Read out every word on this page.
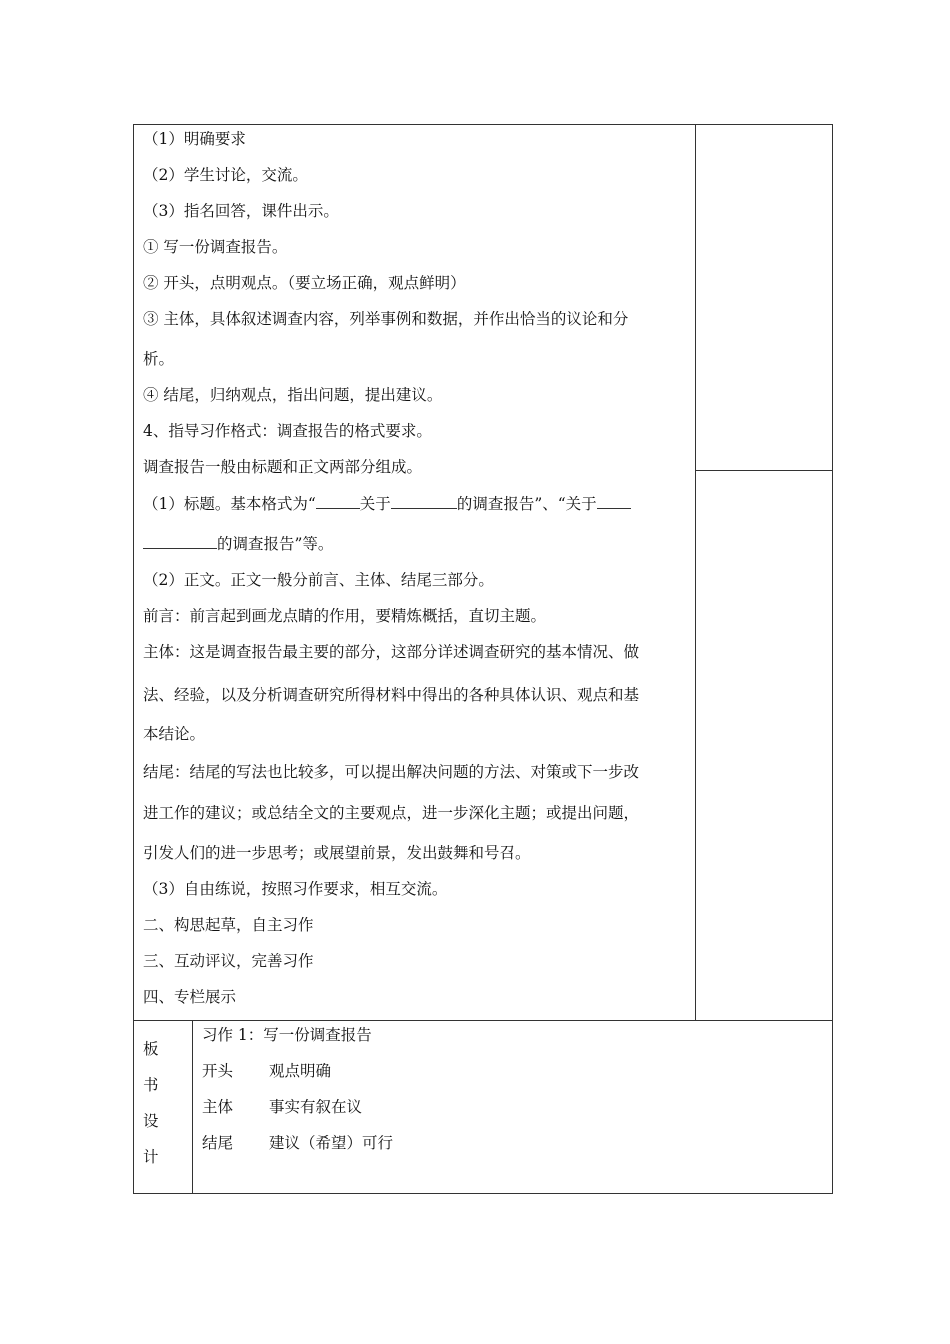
（1）明确要求
（2）学生讨论，交流。
（3）指名回答，课件出示。
① 写一份调查报告。
② 开头，点明观点。（要立场正确，观点鲜明）
③ 主体，具体叙述调查内容，列举事例和数据，并作出恰当的议论和分
析。
④ 结尾，归纳观点，指出问题，提出建议。
4、指导习作格式：调查报告的格式要求。
调查报告一般由标题和正文两部分组成。
（1）标题。基本格式为“	关于	的调查报告”、“关于
的调查报告”等。
（2）正文。正文一般分前言、主体、结尾三部分。
前言：前言起到画龙点睛的作用，要精炼概括，直切主题。
主体：这是调查报告最主要的部分，这部分详述调查研究的基本情况、做
法、经验，以及分析调查研究所得材料中得出的各种具体认识、观点和基
本结论。
结尾：结尾的写法也比较多，可以提出解决问题的方法、对策或下一步改
进工作的建议；或总结全文的主要观点，进一步深化主题；或提出问题，
引发人们的进一步思考；或展望前景，发出鼓舞和号召。
（3）自由练说，按照习作要求，相互交流。
二、构思起草，自主习作
三、互动评议，完善习作
四、专栏展示
板
书
设
计
习作 1：写一份调查报告
开头 观点明确
主体 事实有叙在议
结尾 建议（希望）可行
